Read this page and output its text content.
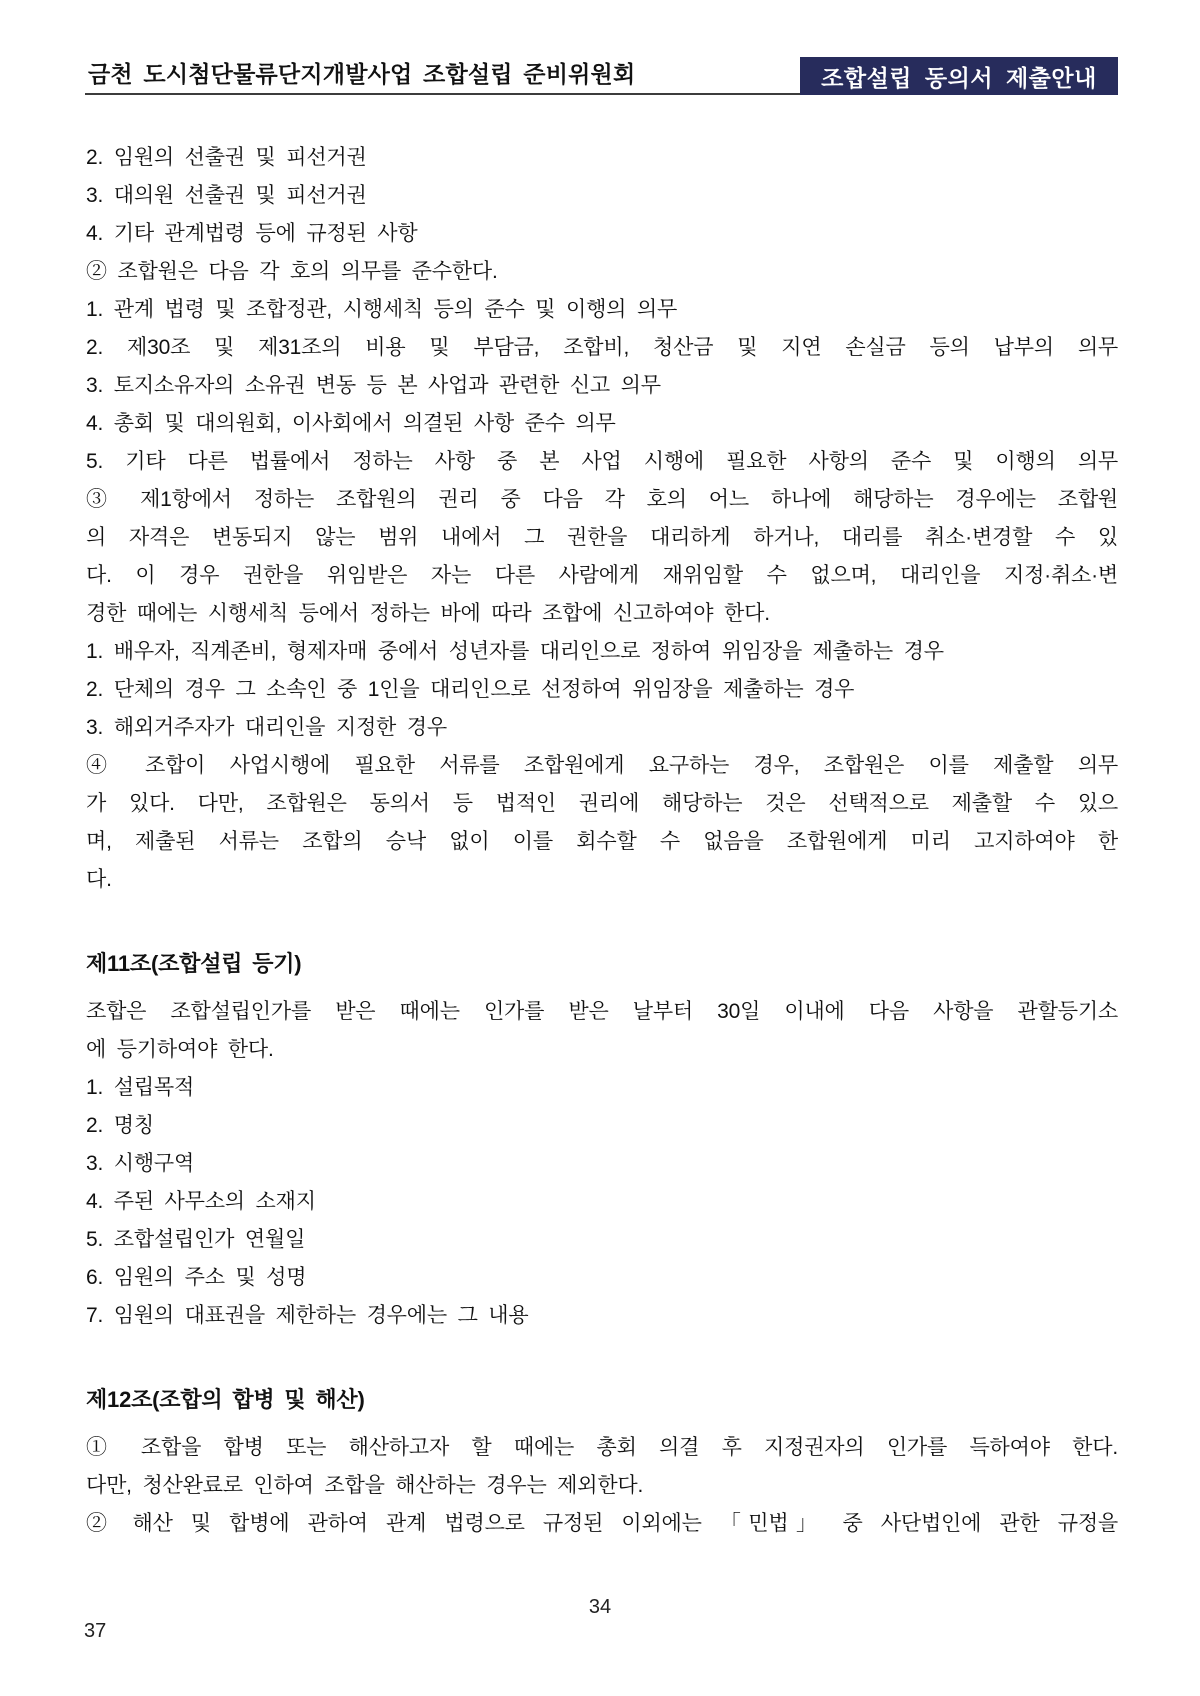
금천 도시첨단물류단지개발사업 조합설립 준비위원회	조합설립 동의서 제출안내
2. 임원의 선출권 및 피선거권
3. 대의원 선출권 및 피선거권
4. 기타 관계법령 등에 규정된 사항
② 조합원은 다음 각 호의 의무를 준수한다.
1. 관계 법령 및 조합정관, 시행세칙 등의 준수 및 이행의 의무
2. 제30조 및 제31조의 비용 및 부담금, 조합비, 청산금 및 지연 손실금 등의 납부의 의무
3. 토지소유자의 소유권 변동 등 본 사업과 관련한 신고 의무
4. 총회 및 대의원회, 이사회에서 의결된 사항 준수 의무
5. 기타 다른 법률에서 정하는 사항 중 본 사업 시행에 필요한 사항의 준수 및 이행의 의무
③ 제1항에서 정하는 조합원의 권리 중 다음 각 호의 어느 하나에 해당하는 경우에는 조합원
의 자격은 변동되지 않는 범위 내에서 그 권한을 대리하게 하거나, 대리를 취소·변경할 수 있
다. 이 경우 권한을 위임받은 자는 다른 사람에게 재위임할 수 없으며, 대리인을 지정·취소·변
경한 때에는 시행세칙 등에서 정하는 바에 따라 조합에 신고하여야 한다.
1. 배우자, 직계존비, 형제자매 중에서 성년자를 대리인으로 정하여 위임장을 제출하는 경우
2. 단체의 경우 그 소속인 중 1인을 대리인으로 선정하여 위임장을 제출하는 경우
3. 해외거주자가 대리인을 지정한 경우
④ 조합이 사업시행에 필요한 서류를 조합원에게 요구하는 경우, 조합원은 이를 제출할 의무
가 있다. 다만, 조합원은 동의서 등 법적인 권리에 해당하는 것은 선택적으로 제출할 수 있으
며, 제출된 서류는 조합의 승낙 없이 이를 회수할 수 없음을 조합원에게 미리 고지하여야 한
다.
제11조(조합설립 등기)
조합은 조합설립인가를 받은 때에는 인가를 받은 날부터 30일 이내에 다음 사항을 관할등기소
에 등기하여야 한다.
1. 설립목적
2. 명칭
3. 시행구역
4. 주된 사무소의 소재지
5. 조합설립인가 연월일
6. 임원의 주소 및 성명
7. 임원의 대표권을 제한하는 경우에는 그 내용
제12조(조합의 합병 및 해산)
① 조합을 합병 또는 해산하고자 할 때에는 총회 의결 후 지정권자의 인가를 득하여야 한다.
다만, 청산완료로 인하여 조합을 해산하는 경우는 제외한다.
② 해산 및 합병에 관하여 관계 법령으로 규정된 이외에는 「민법」 중 사단법인에 관한 규정을
34
37
